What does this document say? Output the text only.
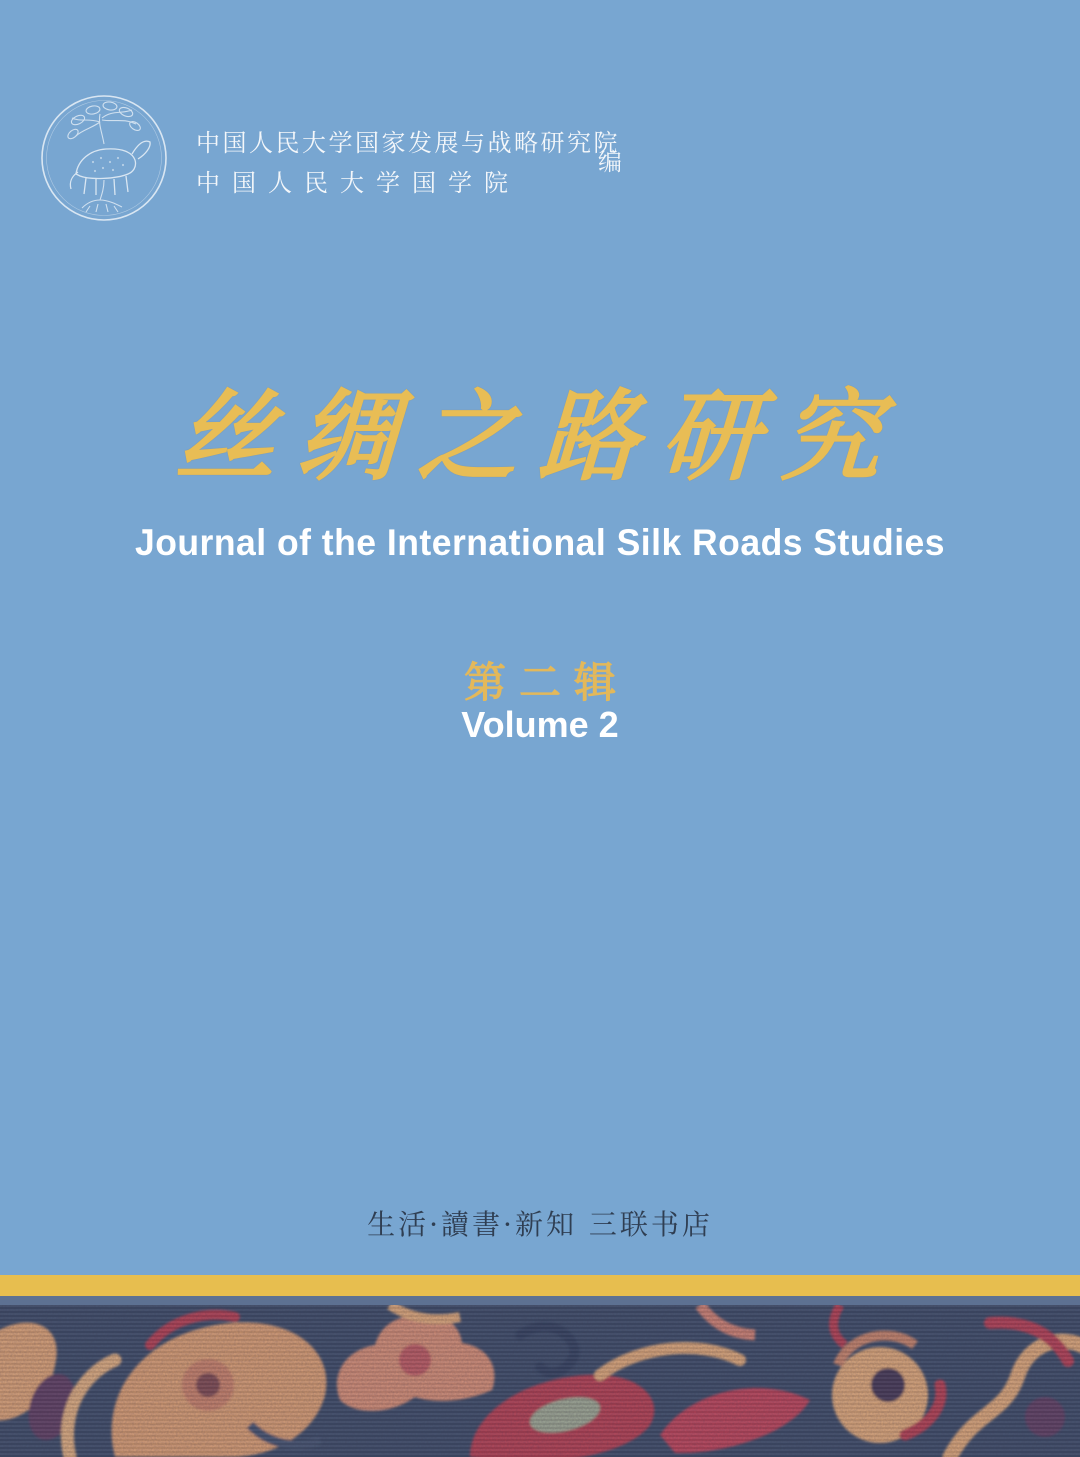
中国人民大学国家发展与战略研究院
中国人民大学国学院
编
丝绸之路研究
Journal of the International Silk Roads Studies
第二辑
Volume 2
生活·讀書·新知 三联书店
